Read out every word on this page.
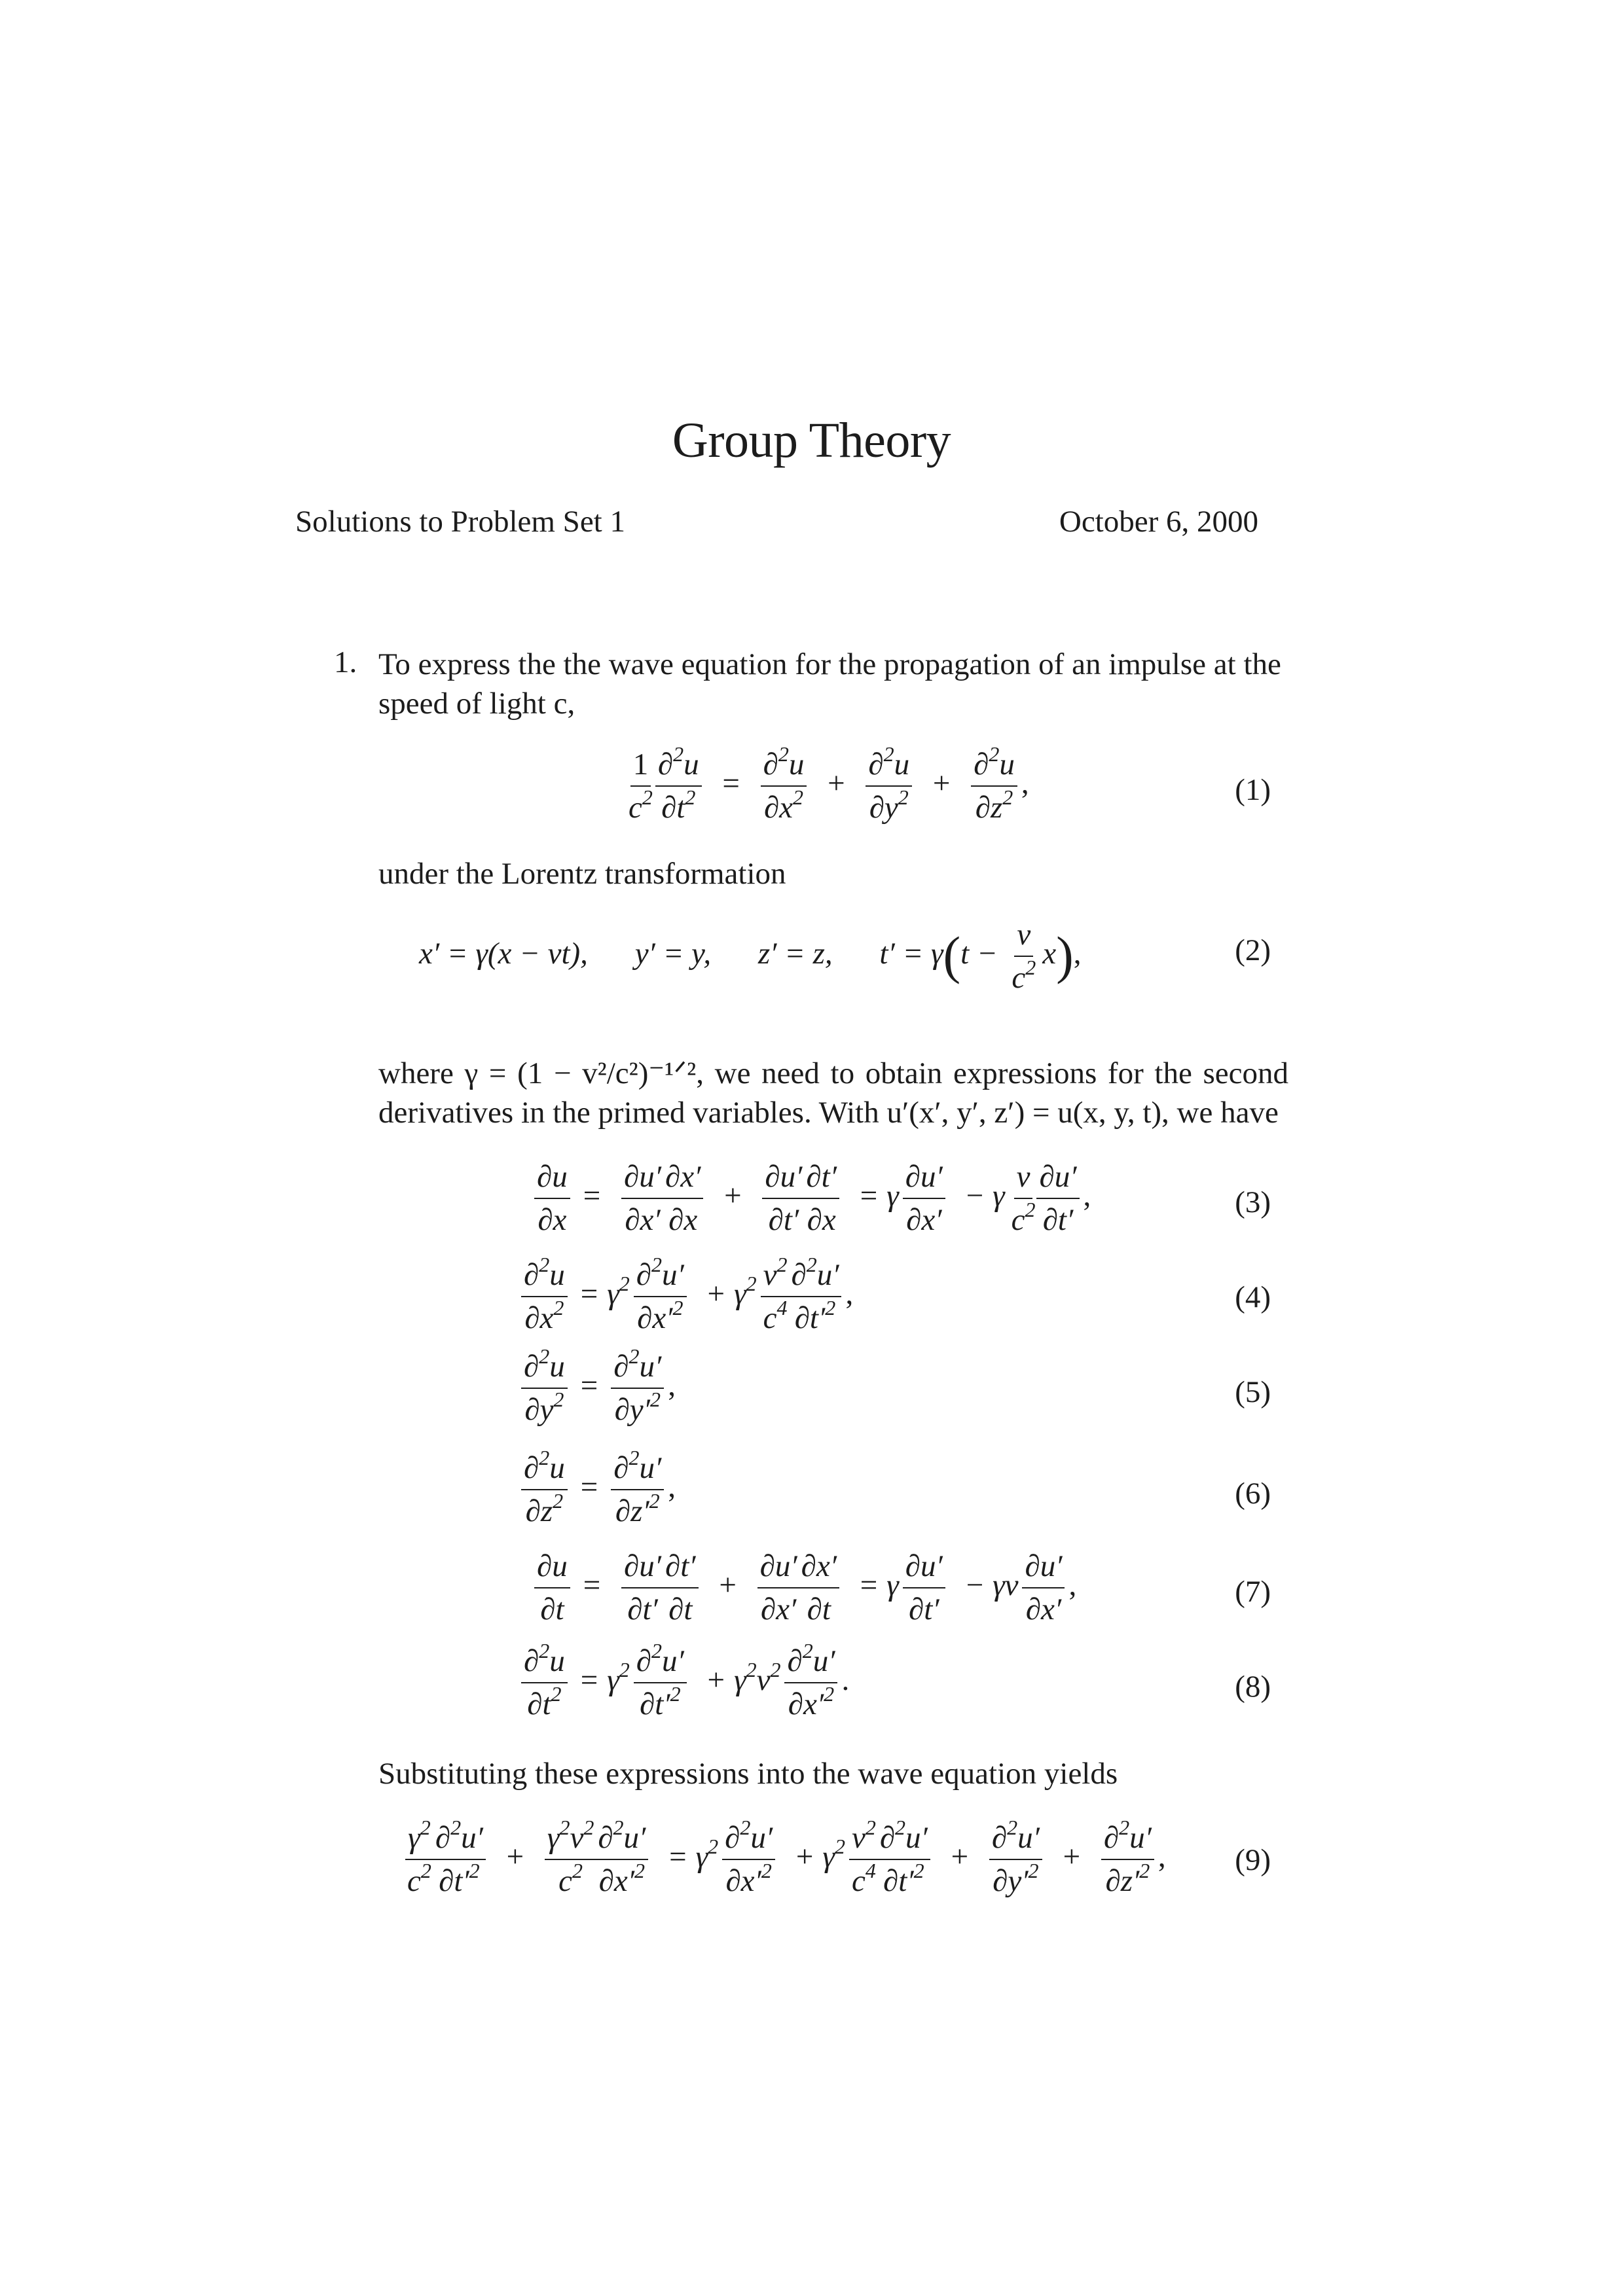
Group Theory
Solutions to Problem Set 1	October 6, 2000
1. To express the the wave equation for the propagation of an impulse at the speed of light c,
$\frac{1}{c^2} \frac{\partial^2u}{\partial t^2} = \frac{\partial^2u}{\partial x^2} + \frac{\partial^2u}{\partial y^2} + \frac{\partial^2u}{\partial z^2}$ ,	(1)
under the Lorentz transformation
x′ = γ(x − vt), y′ = y, z′ = z, $t' = \gamma(t - \frac{v}{c^2} x)$,	(2)
where γ = (1 − v²/c²)⁻¹ᐟ², we need to obtain expressions for the second derivatives in the primed variables. With u′(x′, y′, z′) = u(x, y, t), we have
$\frac{\partial u}{\partial x} = \frac{\partial u'}{\partial x'}$
$\frac{\partial x'}{\partial x} + \frac{\partial u'}{\partial t'}$
$\frac{\partial t'}{\partial x} = \gamma \frac{\partial u'}{\partial x'} - \gamma \frac{v}{c^2}$
$\frac{\partial u'}{\partial t'}$ ,	(3)
$\frac{\partial^2u}{\partial x^2} = \gamma^2 \frac{\partial^2u'}{\partial x'^2} + \gamma^2 \frac{v^2}{c^4}$
$\frac{\partial^2u'}{\partial t'^2}$ ,	(4)
$\frac{\partial^2u}{\partial y^2} = \frac{\partial^2u'}{\partial y'^2}$ ,	(5)
$\frac{\partial^2u}{\partial z^2} = \frac{\partial^2u'}{\partial z'^2}$ ,	(6)
$\frac{\partial u}{\partial t} = \frac{\partial u'}{\partial t'}$
$\frac{\partial t'}{\partial t} + \frac{\partial u'}{\partial x'}$
$\frac{\partial x'}{\partial t} = \gamma \frac{\partial u'}{\partial t'} - \gamma v \frac{\partial u'}{\partial x'}$ ,	(7)
$\frac{\partial^2u}{\partial t^2} = \gamma^2 \frac{\partial^2u'}{\partial t'^2} + \gamma^2v^2 \frac{\partial^2u'}{\partial x'^2}$ .	(8)
Substituting these expressions into the wave equation yields
$\frac{\gamma^2}{c^2}$
$\frac{\partial^2u'}{\partial t'^2} + \frac{\gamma^2v^2}{c^2}$
$\frac{\partial^2u'}{\partial x'^2} = \gamma^2 \frac{\partial^2u'}{\partial x'^2} + \gamma^2 \frac{v^2}{c^4}$
$\frac{\partial^2u'}{\partial t'^2} + \frac{\partial^2u'}{\partial y'^2} + \frac{\partial^2u'}{\partial z'^2}$ , (9)
